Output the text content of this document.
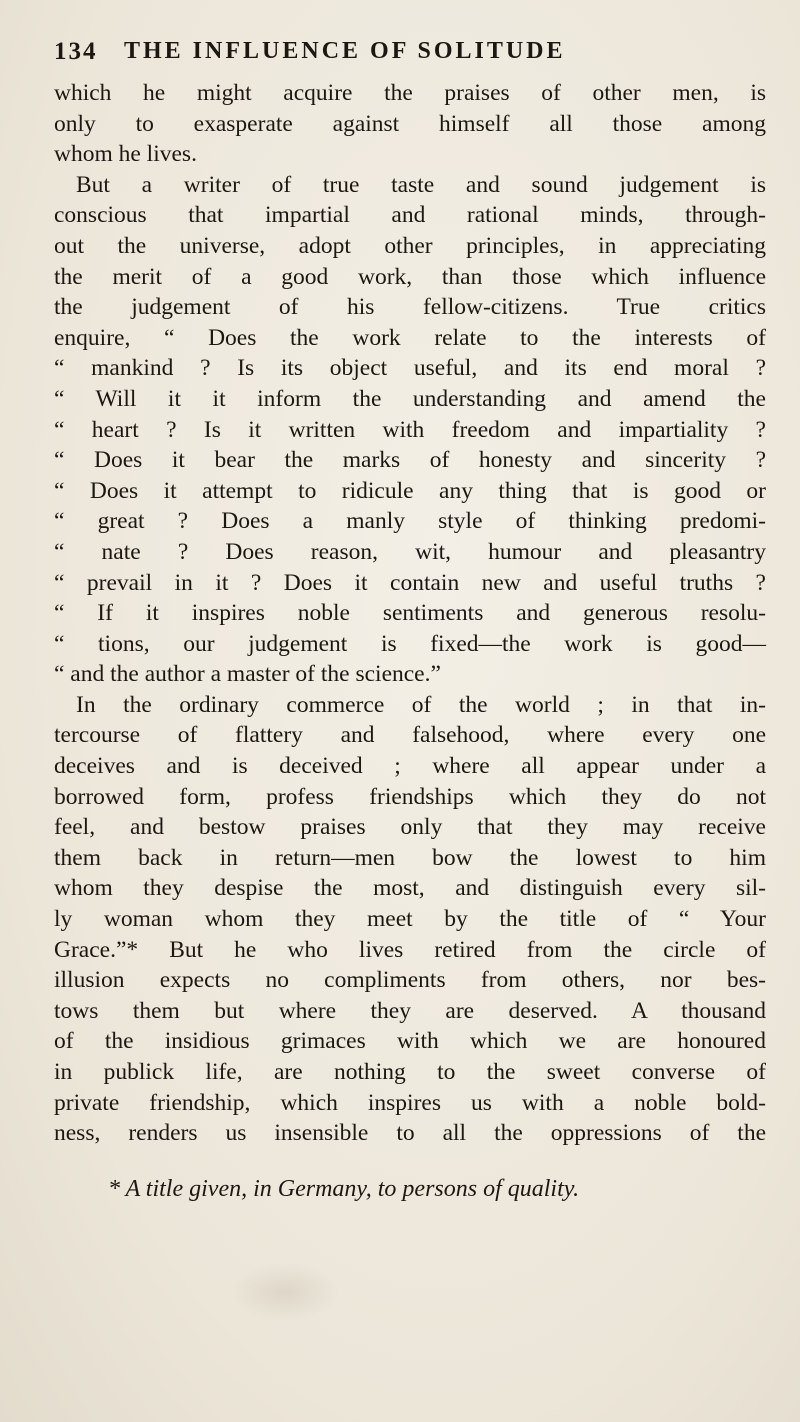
134 THE INFLUENCE OF SOLITUDE
which he might acquire the praises of other men, is
only to exasperate against himself all those among
whom he lives.
But a writer of true taste and sound judgement is
conscious that impartial and rational minds, through-
out the universe, adopt other principles, in appreciating
the merit of a good work, than those which influence
the judgement of his fellow-citizens. True critics
enquire, “ Does the work relate to the interests of
“ mankind ? Is its object useful, and its end moral ?
“ Will it it inform the understanding and amend the
“ heart ? Is it written with freedom and impartiality ?
“ Does it bear the marks of honesty and sincerity ?
“ Does it attempt to ridicule any thing that is good or
“ great ? Does a manly style of thinking predomi-
“ nate ? Does reason, wit, humour and pleasantry
“ prevail in it ? Does it contain new and useful truths ?
“ If it inspires noble sentiments and generous resolu-
“ tions, our judgement is fixed—the work is good—
“ and the author a master of the science.”
In the ordinary commerce of the world ; in that in-
tercourse of flattery and falsehood, where every one
deceives and is deceived ; where all appear under a
borrowed form, profess friendships which they do not
feel, and bestow praises only that they may receive
them back in return—men bow the lowest to him
whom they despise the most, and distinguish every sil-
ly woman whom they meet by the title of “ Your
Grace.”* But he who lives retired from the circle of
illusion expects no compliments from others, nor bes-
tows them but where they are deserved. A thousand
of the insidious grimaces with which we are honoured
in publick life, are nothing to the sweet converse of
private friendship, which inspires us with a noble bold-
ness, renders us insensible to all the oppressions of the
* A title given, in Germany, to persons of quality.
